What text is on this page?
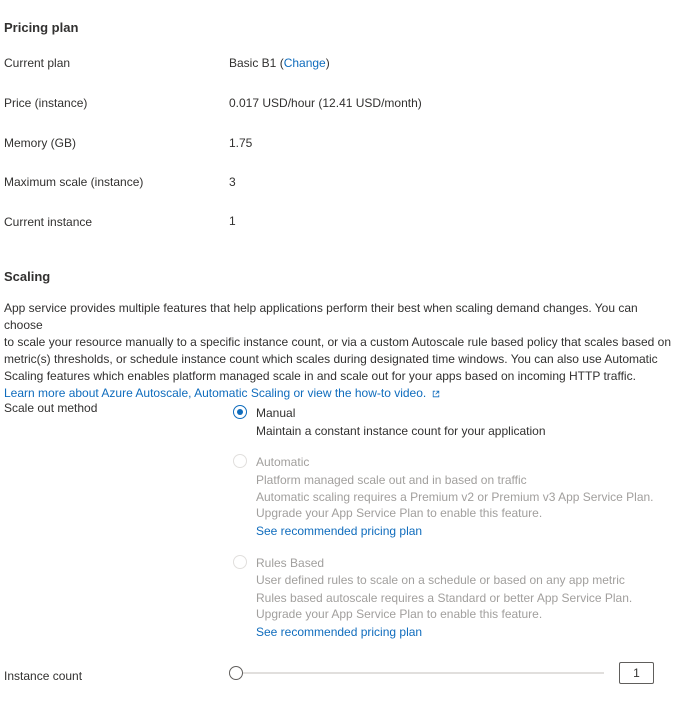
Pricing plan
Current plan	Basic B1 (Change)
Price (instance)	0.017 USD/hour (12.41 USD/month)
Memory (GB)	1.75
Maximum scale (instance)	3
Current instance	1
Scaling
App service provides multiple features that help applications perform their best when scaling demand changes. You can choose
to scale your resource manually to a specific instance count, or via a custom Autoscale rule based policy that scales based on
metric(s) thresholds, or schedule instance count which scales during designated time windows. You can also use Automatic
Scaling features which enables platform managed scale in and scale out for your apps based on incoming HTTP traffic.
Learn more about Azure Autoscale, Automatic Scaling or view the how-to video.
Scale out method	Manual
Maintain a constant instance count for your application
Automatic
Platform managed scale out and in based on traffic
Automatic scaling requires a Premium v2 or Premium v3 App Service Plan.
Upgrade your App Service Plan to enable this feature.
See recommended pricing plan
Rules Based
User defined rules to scale on a schedule or based on any app metric
Rules based autoscale requires a Standard or better App Service Plan.
Upgrade your App Service Plan to enable this feature.
See recommended pricing plan
Instance count	1
